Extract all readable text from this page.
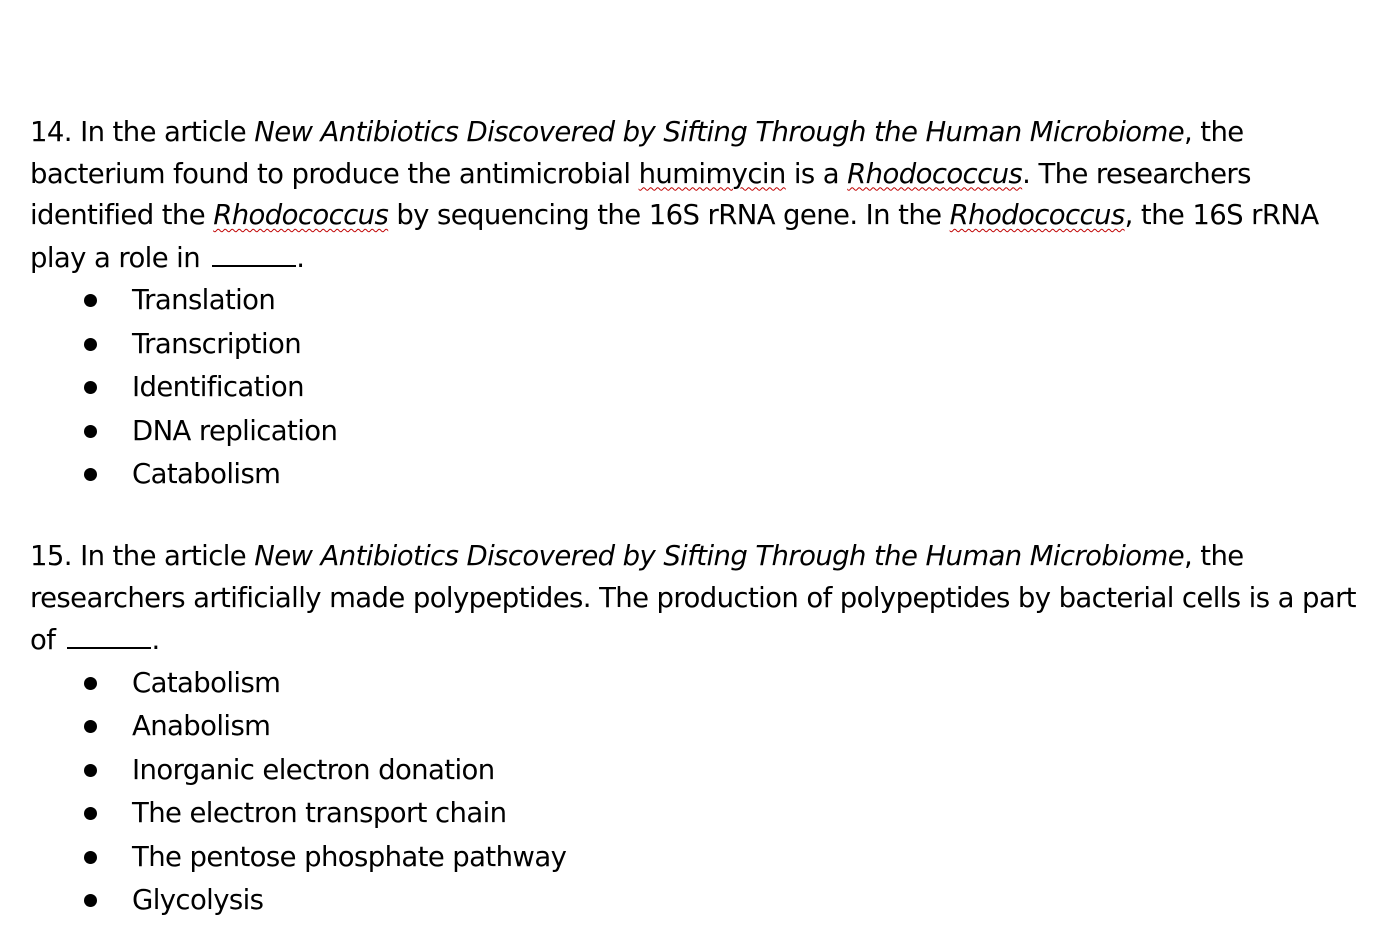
14. In the article New Antibiotics Discovered by Sifting Through the Human Microbiome, the bacterium found to produce the antimicrobial humimycin is a Rhodococcus. The researchers identified the Rhodococcus by sequencing the 16S rRNA gene. In the Rhodococcus, the 16S rRNA play a role in	.

Translation
Transcription
Identification
DNA replication
Catabolism

15. In the article New Antibiotics Discovered by Sifting Through the Human Microbiome, the researchers artificially made polypeptides. The production of polypeptides by bacterial cells is a part of	.

Catabolism
Anabolism
Inorganic electron donation
The electron transport chain
The pentose phosphate pathway
Glycolysis
